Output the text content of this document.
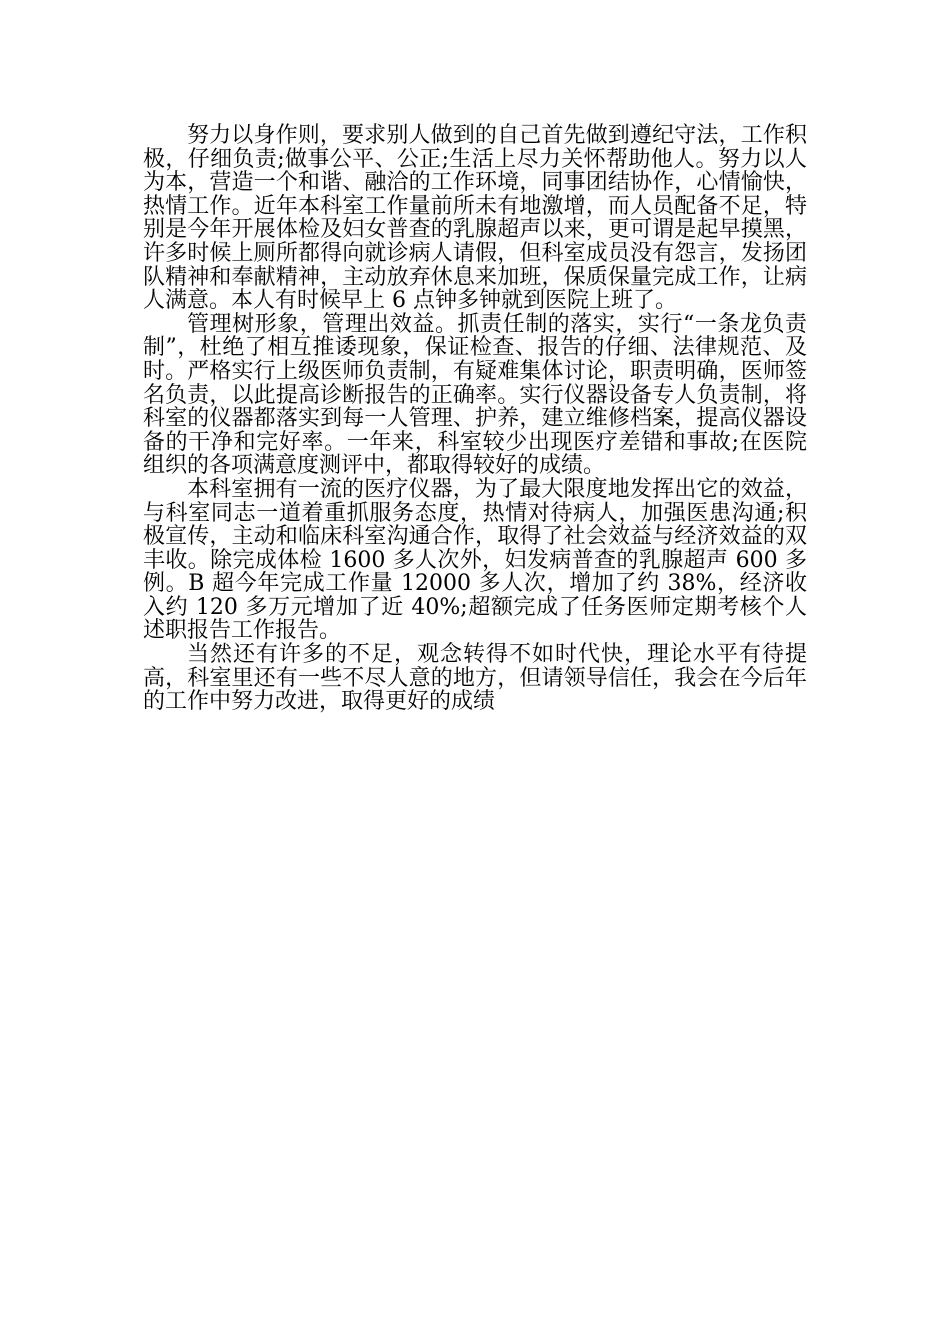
努力以身作则，要求别人做到的自己首先做到遵纪守法，工作积极，仔细负责;做事公平、公正;生活上尽力关怀帮助他人。努力以人为本，营造一个和谐、融洽的工作环境，同事团结协作，心情愉快，热情工作。近年本科室工作量前所未有地激增，而人员配备不足，特别是今年开展体检及妇女普查的乳腺超声以来，更可谓是起早摸黑，许多时候上厕所都得向就诊病人请假，但科室成员没有怨言，发扬团队精神和奉献精神，主动放弃休息来加班，保质保量完成工作，让病人满意。本人有时候早上 6 点钟多钟就到医院上班了。

管理树形象，管理出效益。抓责任制的落实，实行“一条龙负责制”，杜绝了相互推诿现象，保证检查、报告的仔细、法律规范、及时。严格实行上级医师负责制，有疑难集体讨论，职责明确，医师签名负责，以此提高诊断报告的正确率。实行仪器设备专人负责制，将科室的仪器都落实到每一人管理、护养，建立维修档案，提高仪器设备的干净和完好率。一年来，科室较少出现医疗差错和事故;在医院组织的各项满意度测评中，都取得较好的成绩。

本科室拥有一流的医疗仪器，为了最大限度地发挥出它的效益，与科室同志一道着重抓服务态度，热情对待病人，加强医患沟通;积极宣传，主动和临床科室沟通合作，取得了社会效益与经济效益的双丰收。除完成体检 1600 多人次外，妇发病普查的乳腺超声 600 多例。B 超今年完成工作量 12000 多人次，增加了约 38%，经济收入约 120 多万元增加了近 40%;超额完成了任务医师定期考核个人述职报告工作报告。

当然还有许多的不足，观念转得不如时代快，理论水平有待提高，科室里还有一些不尽人意的地方，但请领导信任，我会在今后年的工作中努力改进，取得更好的成绩
